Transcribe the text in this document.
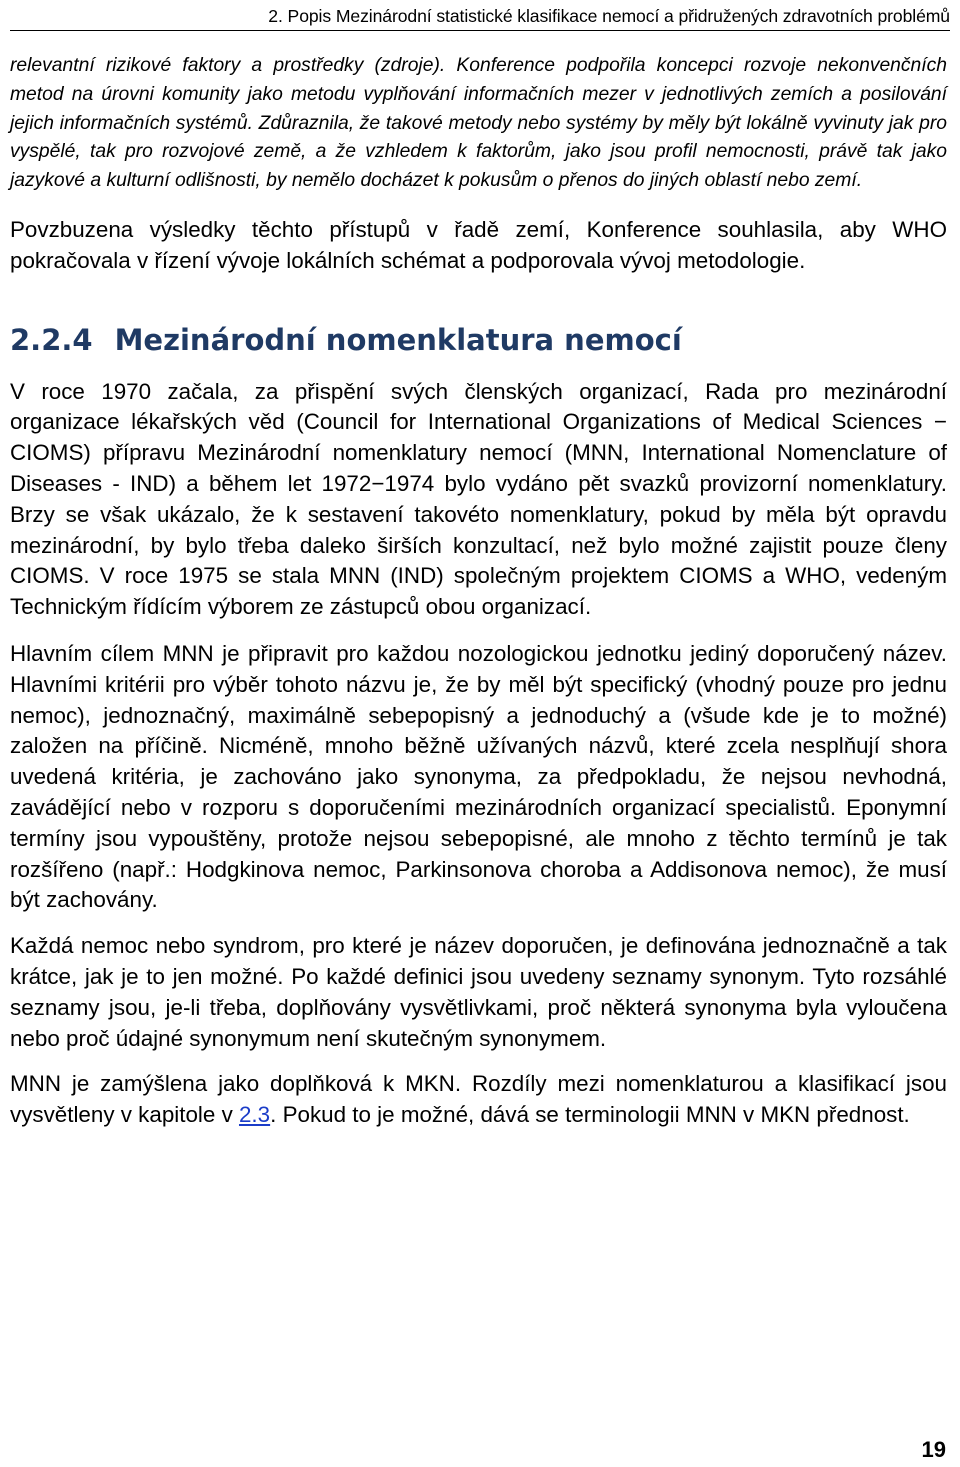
2. Popis Mezinárodní statistické klasifikace nemocí a přidružených zdravotních problémů

relevantní rizikové faktory a prostředky (zdroje). Konference podpořila koncepci rozvoje nekonvenčních metod na úrovni komunity jako metodu vyplňování informačních mezer v jednotlivých zemích a posilování jejich informačních systémů. Zdůraznila, že takové metody nebo systémy by měly být lokálně vyvinuty jak pro vyspělé, tak pro rozvojové země, a že vzhledem k faktorům, jako jsou profil nemocnosti, právě tak jako jazykové a kulturní odlišnosti, by nemělo docházet k pokusům o přenos do jiných oblastí nebo zemí.

Povzbuzena výsledky těchto přístupů v řadě zemí, Konference souhlasila, aby WHO pokračovala v řízení vývoje lokálních schémat a podporovala vývoj metodologie.

2.2.4 Mezinárodní nomenklatura nemocí

V roce 1970 začala, za přispění svých členských organizací, Rada pro mezinárodní organizace lékařských věd (Council for International Organizations of Medical Sciences − CIOMS) přípravu Mezinárodní nomenklatury nemocí (MNN, International Nomenclature of Diseases - IND) a během let 1972−1974 bylo vydáno pět svazků provizorní nomenklatury. Brzy se však ukázalo, že k sestavení takovéto nomenklatury, pokud by měla být opravdu mezinárodní, by bylo třeba daleko širších konzultací, než bylo možné zajistit pouze členy CIOMS. V roce 1975 se stala MNN (IND) společným projektem CIOMS a WHO, vedeným Technickým řídícím výborem ze zástupců obou organizací.

Hlavním cílem MNN je připravit pro každou nozologickou jednotku jediný doporučený název. Hlavními kritérii pro výběr tohoto názvu je, že by měl být specifický (vhodný pouze pro jednu nemoc), jednoznačný, maximálně sebepopisný a jednoduchý a (všude kde je to možné) založen na příčině. Nicméně, mnoho běžně užívaných názvů, které zcela nesplňují shora uvedená kritéria, je zachováno jako synonyma, za předpokladu, že nejsou nevhodná, zavádějící nebo v rozporu s doporučeními mezinárodních organizací specialistů. Eponymní termíny jsou vypouštěny, protože nejsou sebepopisné, ale mnoho z těchto termínů je tak rozšířeno (např.: Hodgkinova nemoc, Parkinsonova choroba a Addisonova nemoc), že musí být zachovány.

Každá nemoc nebo syndrom, pro které je název doporučen, je definována jednoznačně a tak krátce, jak je to jen možné. Po každé definici jsou uvedeny seznamy synonym. Tyto rozsáhlé seznamy jsou, je-li třeba, doplňovány vysvětlivkami, proč některá synonyma byla vyloučena nebo proč údajné synonymum není skutečným synonymem.

MNN je zamýšlena jako doplňková k MKN. Rozdíly mezi nomenklaturou a klasifikací jsou vysvětleny v kapitole v 2.3. Pokud to je možné, dává se terminologii MNN v MKN přednost.

19
